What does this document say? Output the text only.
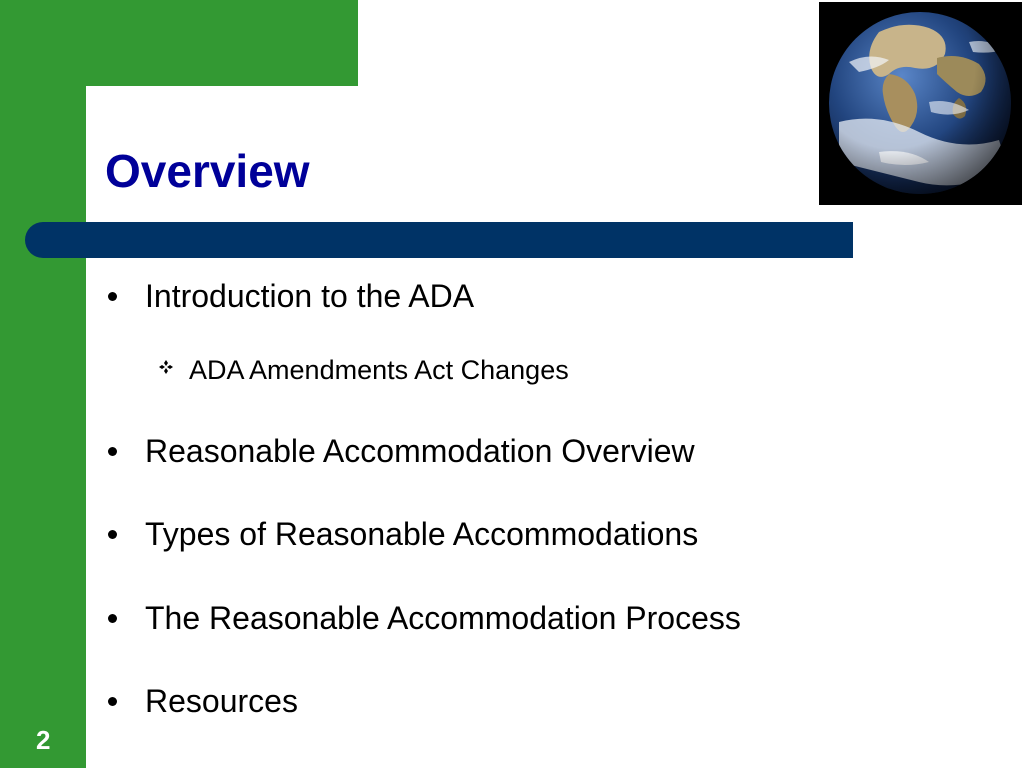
Overview
Introduction to the ADA
ADA Amendments Act Changes
Reasonable Accommodation Overview
Types of Reasonable Accommodations
The Reasonable Accommodation Process
Resources
2
